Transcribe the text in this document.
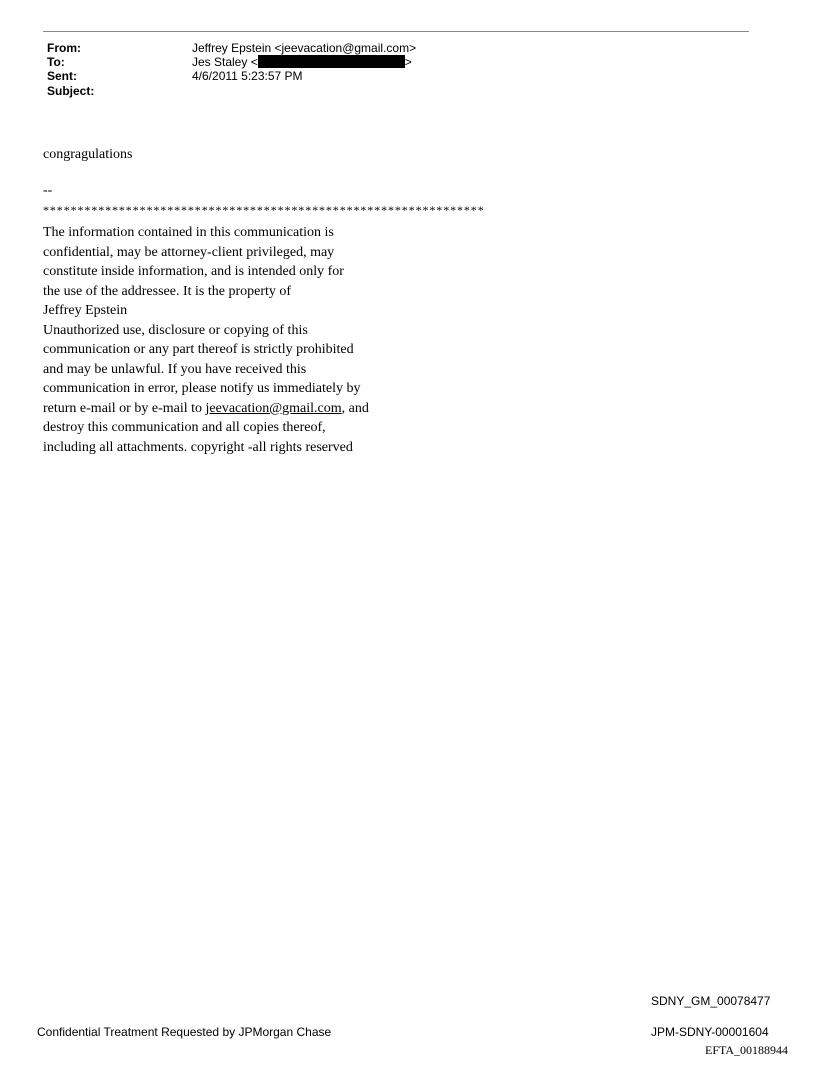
From:	Jeffrey Epstein <jeevacation@gmail.com>
To:	Jes Staley <	>
Sent:	4/6/2011 5:23:57 PM
Subject:
congragulations
--
****************************************************************
The information contained in this communication is
confidential, may be attorney-client privileged, may
constitute inside information, and is intended only for
the use of the addressee. It is the property of
Jeffrey Epstein
Unauthorized use, disclosure or copying of this
communication or any part thereof is strictly prohibited
and may be unlawful. If you have received this
communication in error, please notify us immediately by
return e-mail or by e-mail to jeevacation@gmail.com, and
destroy this communication and all copies thereof,
including all attachments. copyright -all rights reserved
SDNY_GM_00078477
Confidential Treatment Requested by JPMorgan Chase	JPM-SDNY-00001604
EFTA_00188944
